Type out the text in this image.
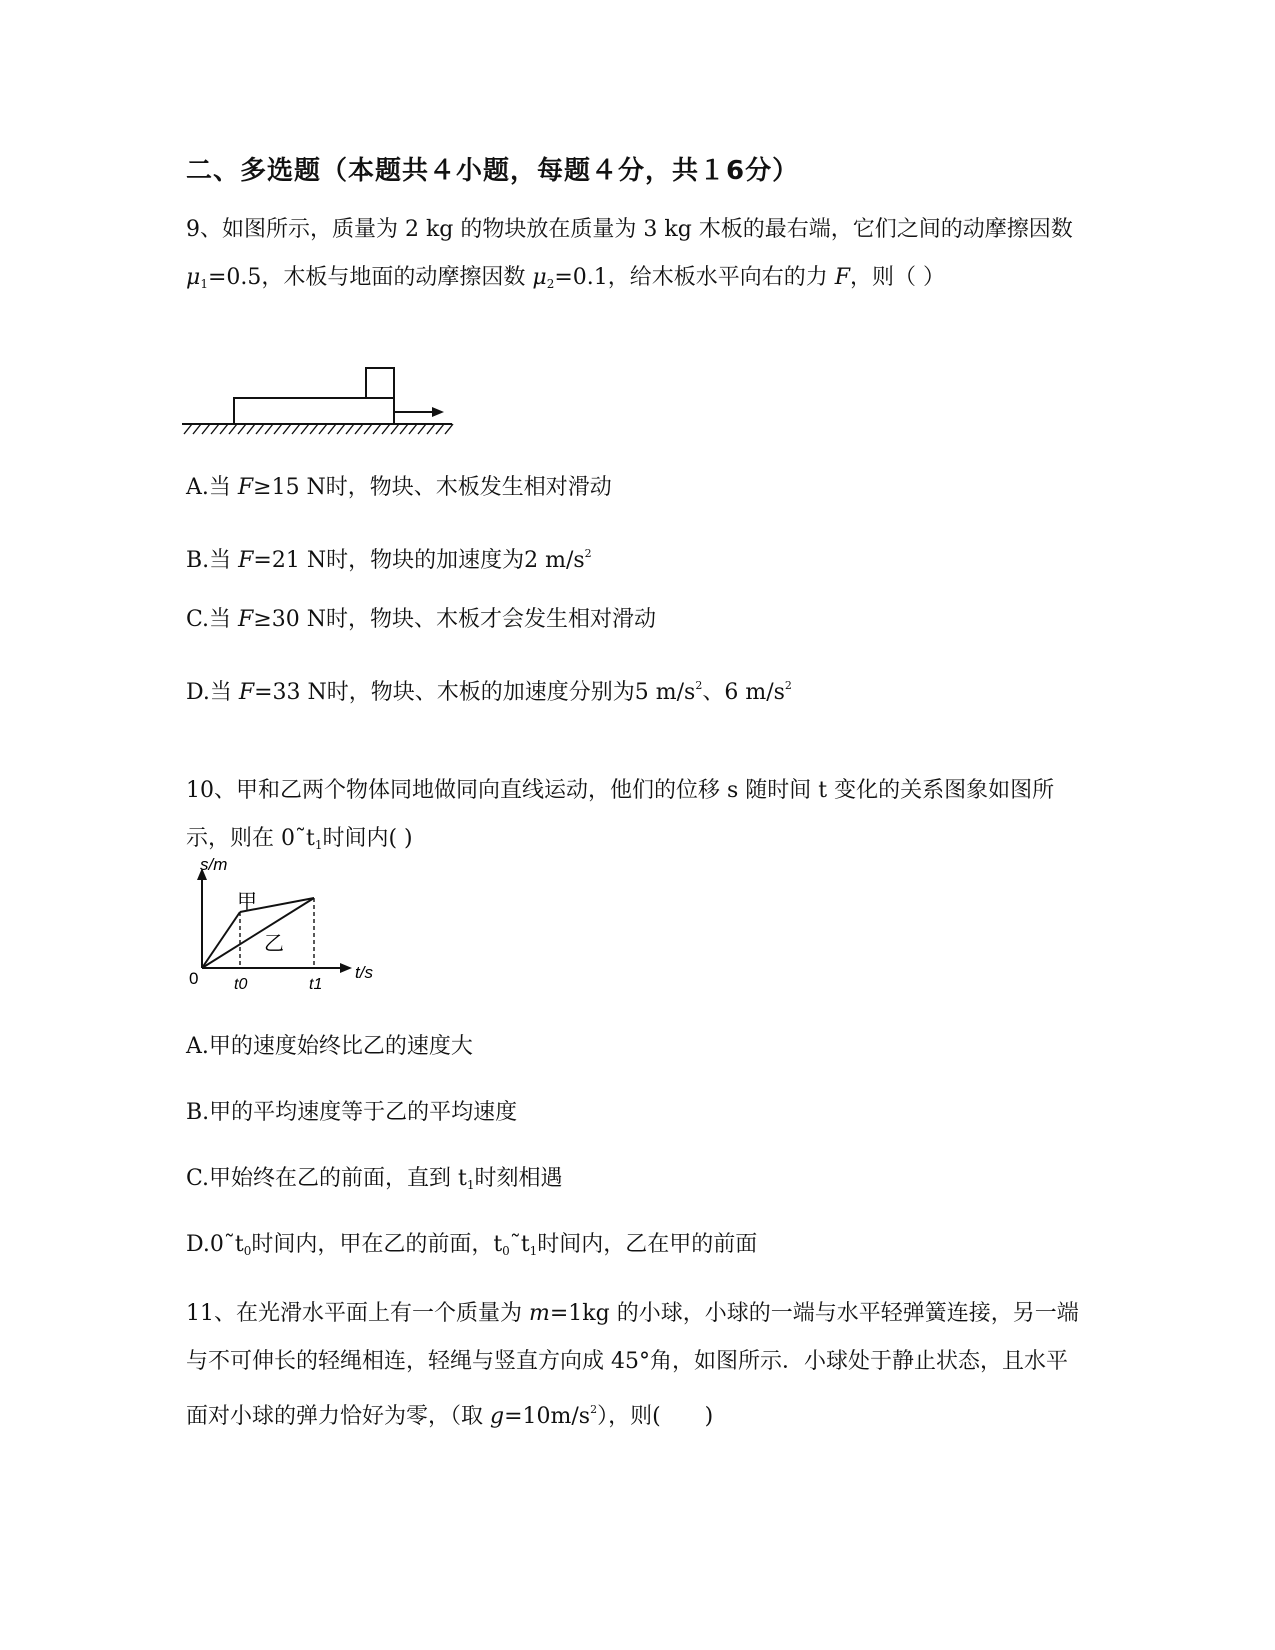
二、多选题（本题共４小题，每题４分，共１6分）
9、如图所示，质量为 2 kg 的物块放在质量为 3 kg 木板的最右端，它们之间的动摩擦因数 μ1=0.5，木板与地面的动摩擦因数 μ2=0.1，给木板水平向右的力 F，则（ ）
A.当 F≥15 N时，物块、木板发生相对滑动
B.当 F=21 N时，物块的加速度为2 $m/s^2$
C.当 F≥30 N时，物块、木板才会发生相对滑动
D.当 F=33 N时，物块、木板的加速度分别为5 $m/s^2$、6 $m/s^2$
10、甲和乙两个物体同地做同向直线运动，他们的位移 s 随时间 t 变化的关系图象如图所示，则在 0˜t1时间内( )
s/m
t/s
0 t0	t1
甲
乙
A.甲的速度始终比乙的速度大
B.甲的平均速度等于乙的平均速度
C.甲始终在乙的前面，直到 t1时刻相遇
D.0˜t0时间内，甲在乙的前面，t0˜t1时间内，乙在甲的前面
11、在光滑水平面上有一个质量为 m=1kg 的小球，小球的一端与水平轻弹簧连接，另一端与不可伸长的轻绳相连，轻绳与竖直方向成 45°角，如图所示．小球处于静止状态，且水平面对小球的弹力恰好为零，（取 $g=10m/s^2$），则(　　)
